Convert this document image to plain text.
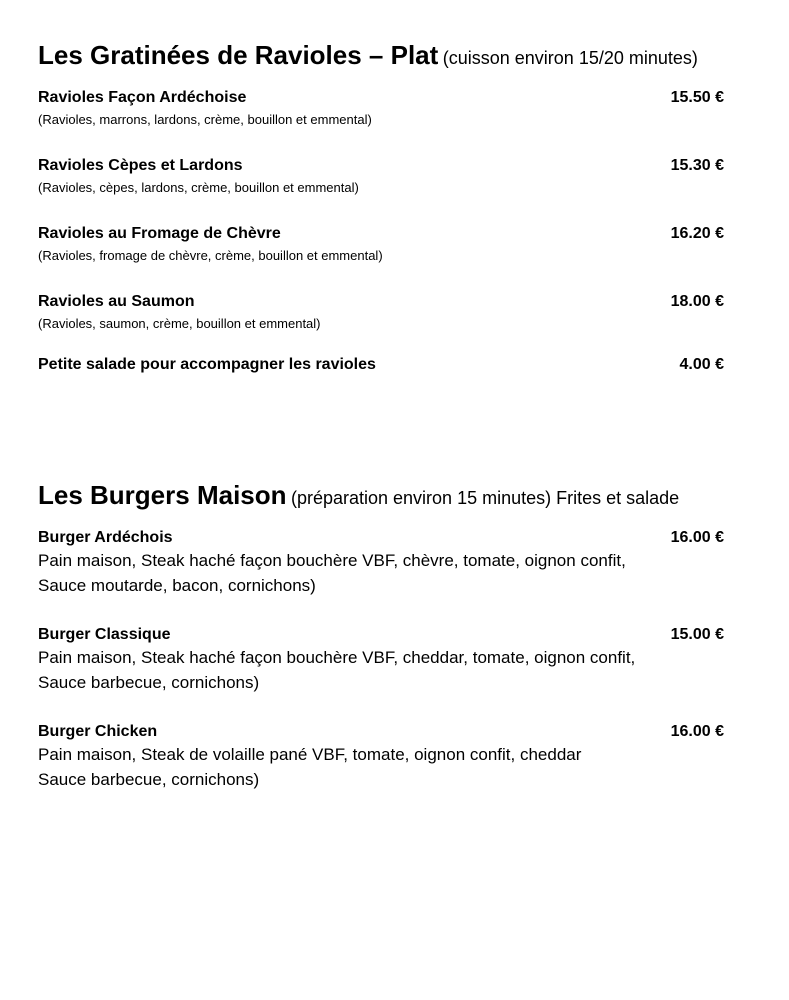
Les Gratinées de Ravioles – Plat (cuisson environ 15/20 minutes)
Ravioles Façon Ardéchoise	15.50 €
(Ravioles, marrons, lardons, crème, bouillon et emmental)
Ravioles Cèpes et Lardons	15.30 €
(Ravioles, cèpes, lardons, crème, bouillon et emmental)
Ravioles au Fromage de Chèvre	16.20 €
(Ravioles, fromage de chèvre, crème, bouillon et emmental)
Ravioles au Saumon	18.00 €
(Ravioles, saumon, crème, bouillon et emmental)
Petite salade pour accompagner les ravioles	4.00 €
Les Burgers Maison (préparation environ 15 minutes) Frites et salade
Burger Ardéchois	16.00 €
Pain maison, Steak haché façon bouchère VBF, chèvre, tomate, oignon confit,
Sauce moutarde, bacon, cornichons)
Burger Classique	15.00 €
Pain maison, Steak haché façon bouchère VBF, cheddar, tomate, oignon confit,
Sauce barbecue, cornichons)
Burger Chicken	16.00 €
Pain maison, Steak de volaille pané VBF, tomate, oignon confit, cheddar
Sauce barbecue, cornichons)
